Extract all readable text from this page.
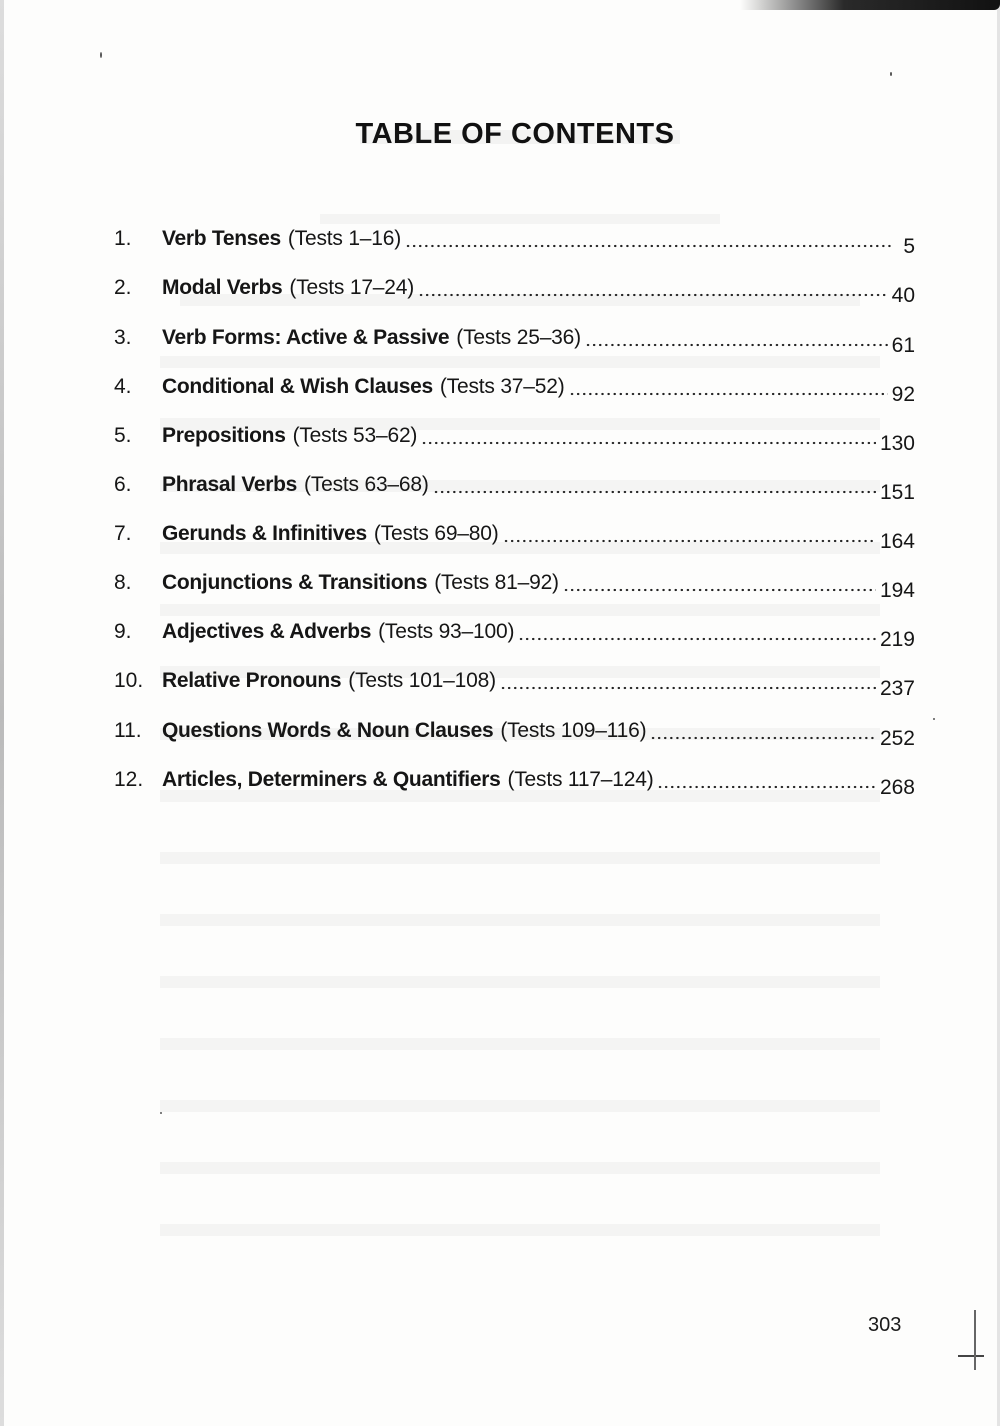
TABLE OF CONTENTS
1.	Verb Tenses (Tests 1–16)	5
2.	Modal Verbs (Tests 17–24)	40
3.	Verb Forms: Active & Passive (Tests 25–36)	61
4.	Conditional & Wish Clauses (Tests 37–52)	92
5.	Prepositions (Tests 53–62)	130
6.	Phrasal Verbs (Tests 63–68)	151
7.	Gerunds & Infinitives (Tests 69–80)	164
8.	Conjunctions & Transitions (Tests 81–92)	194
9.	Adjectives & Adverbs (Tests 93–100)	219
10. Relative Pronouns (Tests 101–108)	237
11. Questions Words & Noun Clauses (Tests 109–116)	252
12. Articles, Determiners & Quantifiers (Tests 117–124)	268
303
